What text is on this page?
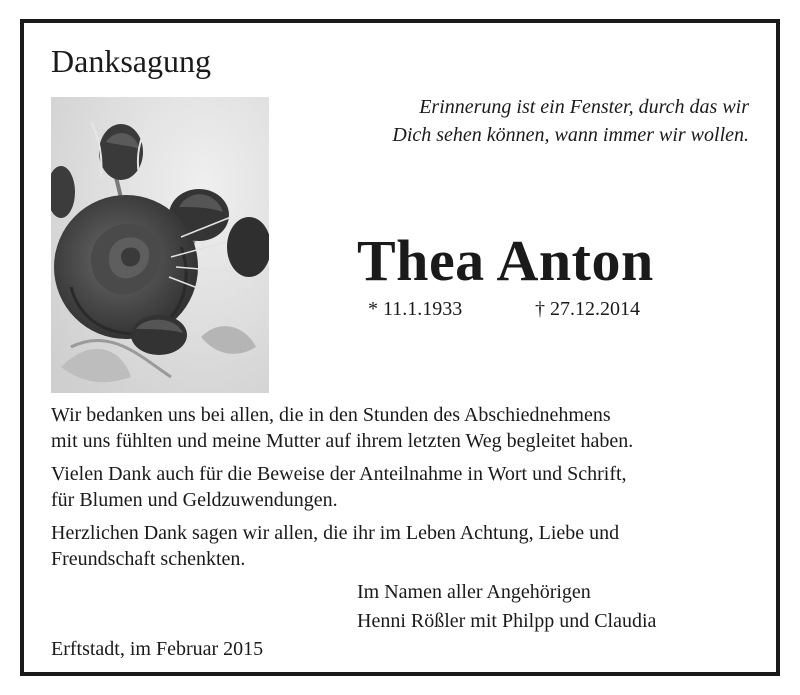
Danksagung
Erinnerung ist ein Fenster, durch das wir
Dich sehen können, wann immer wir wollen.
Thea Anton
* 11.1.1933	† 27.12.2014

Wir bedanken uns bei allen, die in den Stunden des Abschiednehmens
mit uns fühlten und meine Mutter auf ihrem letzten Weg begleitet haben.

Vielen Dank auch für die Beweise der Anteilnahme in Wort und Schrift,
für Blumen und Geldzuwendungen.

Herzlichen Dank sagen wir allen, die ihr im Leben Achtung, Liebe und
Freundschaft schenkten.

Im Namen aller Angehörigen
Henni Rößler mit Philpp und Claudia
Erftstadt, im Februar 2015
